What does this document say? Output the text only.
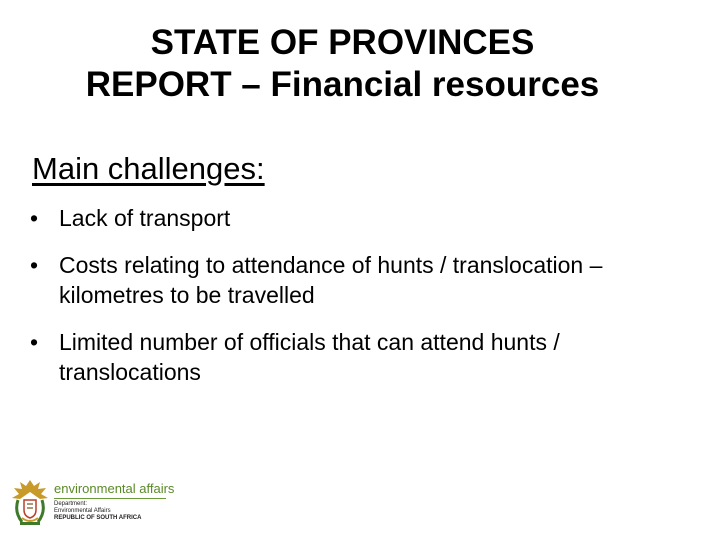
STATE OF PROVINCES
REPORT – Financial resources
Main challenges:
• Lack of transport
• Costs relating to attendance of hunts / translocation – kilometres to be travelled
• Limited number of officials that can attend hunts / translocations
environmental affairs
Department:
Environmental Affairs
REPUBLIC OF SOUTH AFRICA
